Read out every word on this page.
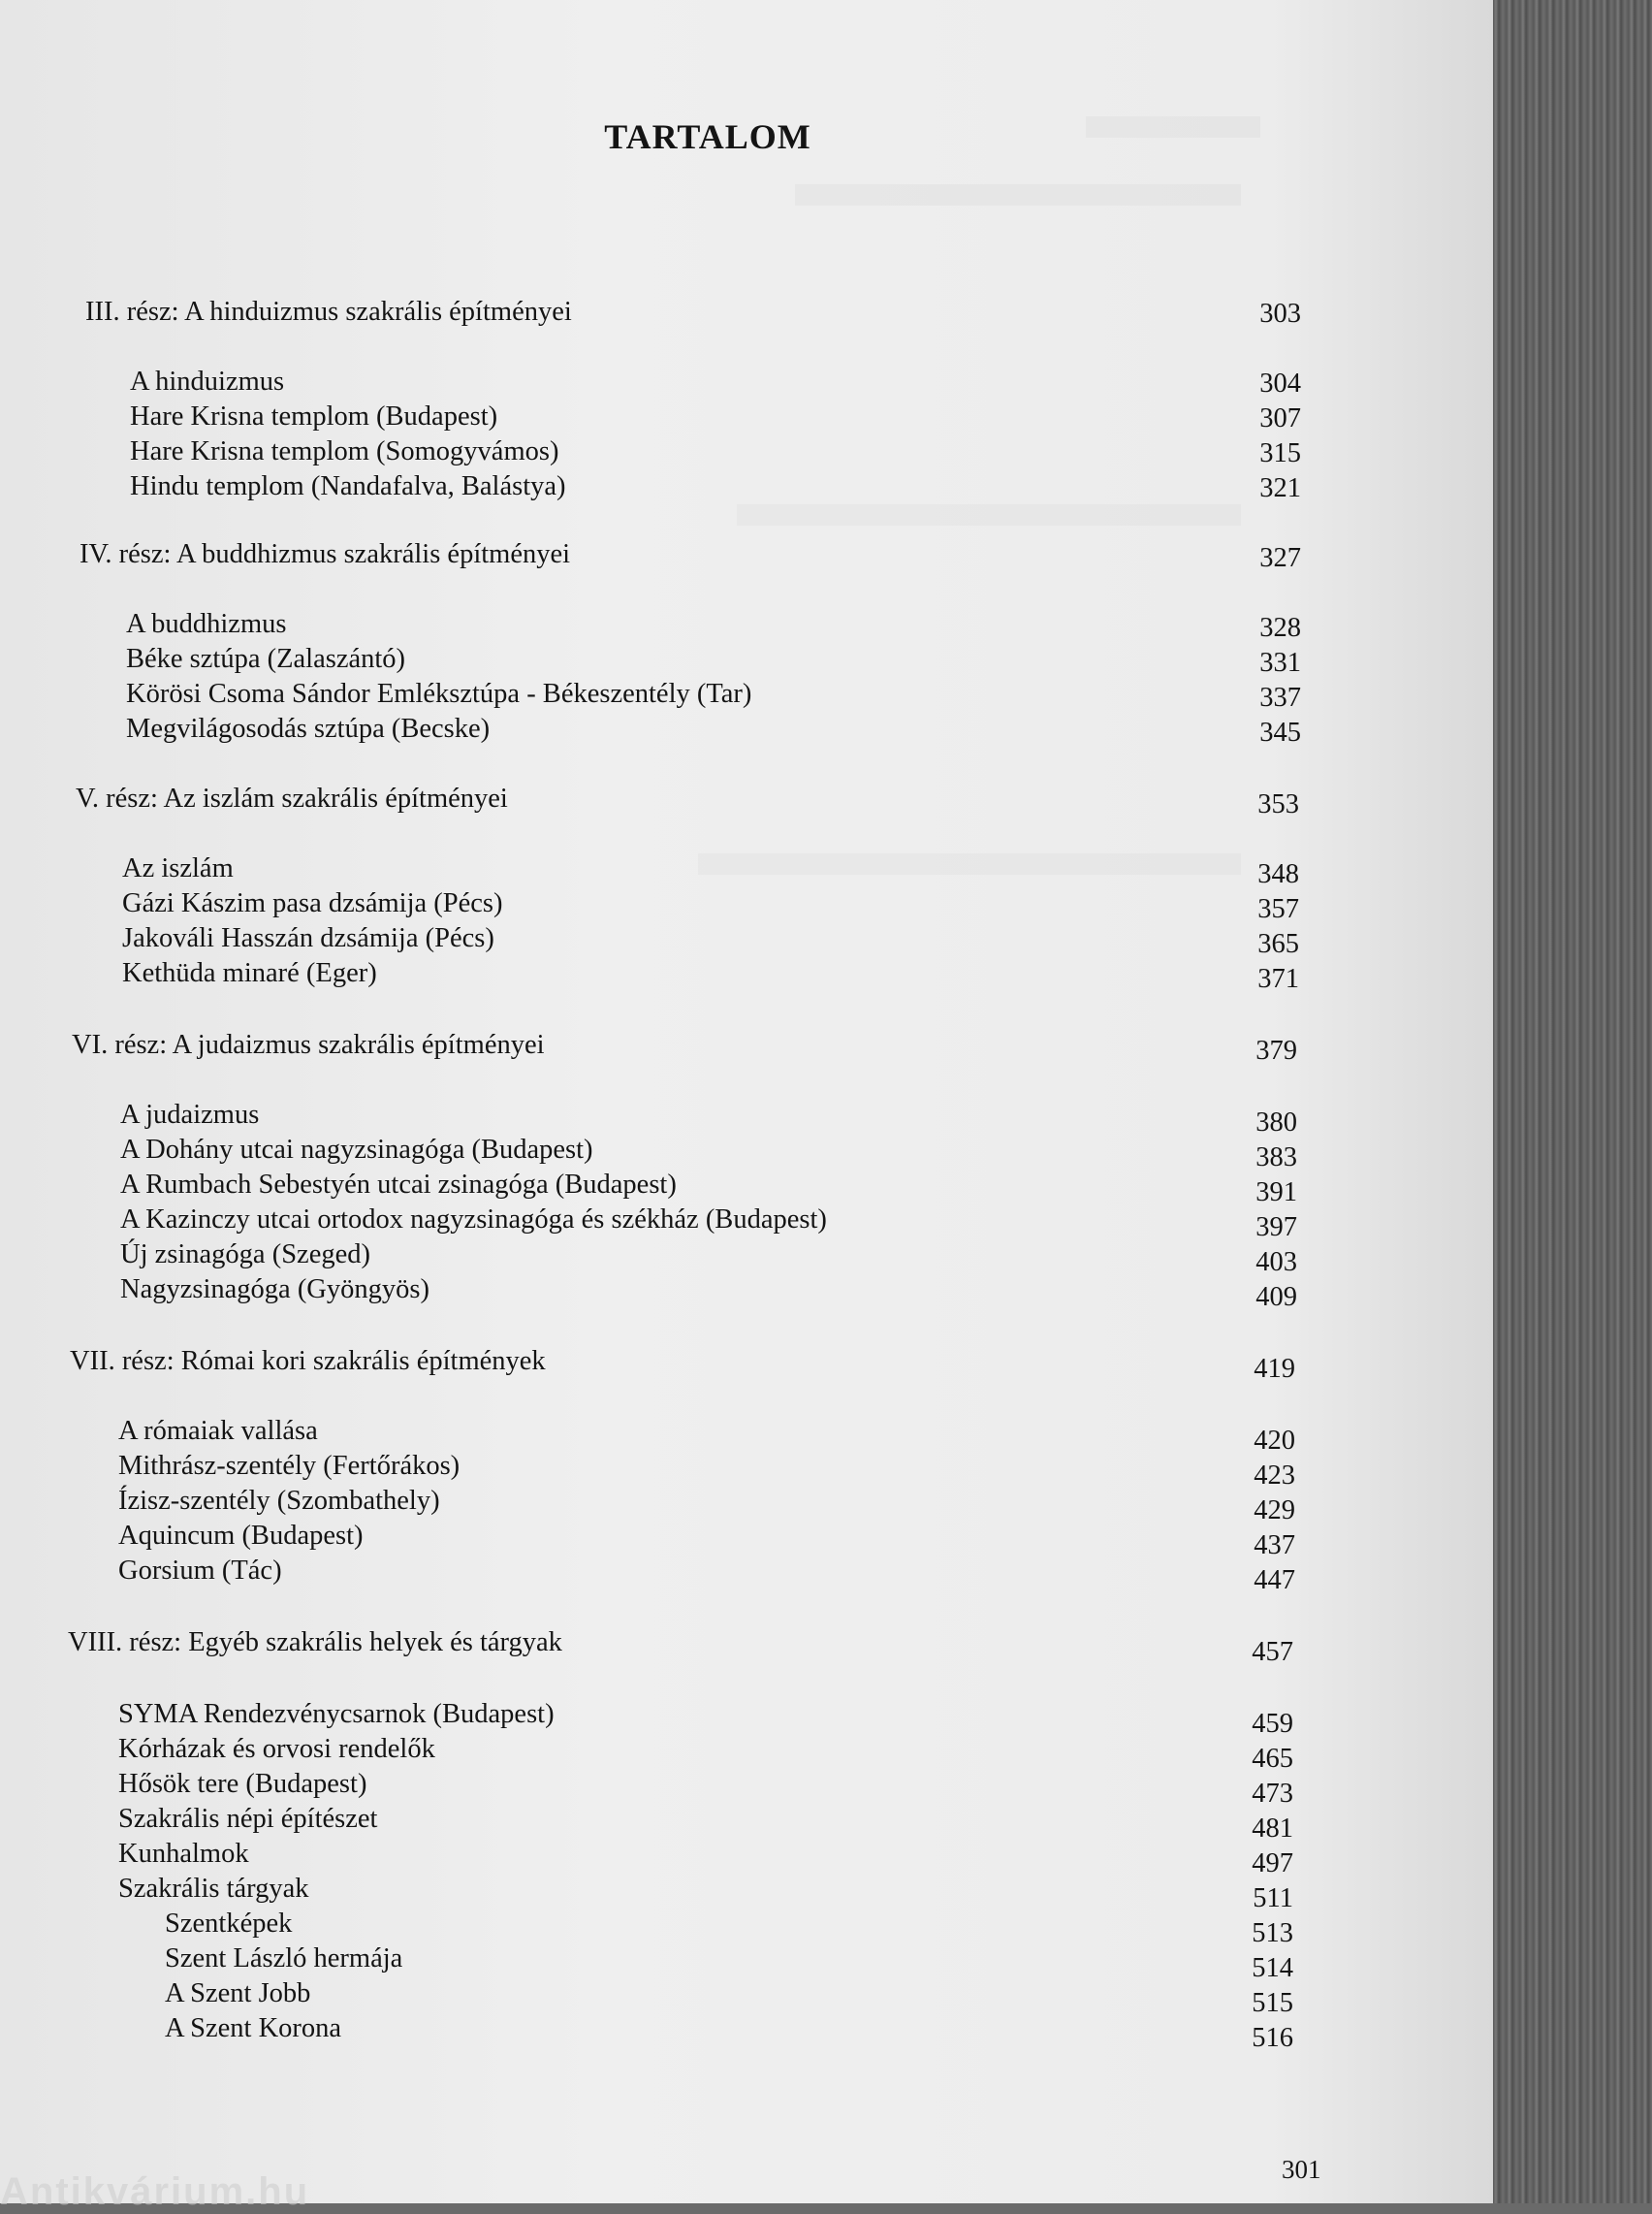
TARTALOM
III. rész: A hinduizmus szakrális építményei	303
A hinduizmus	304
Hare Krisna templom (Budapest)	307
Hare Krisna templom (Somogyvámos)	315
Hindu templom (Nandafalva, Balástya)	321
IV. rész: A buddhizmus szakrális építményei	327
A buddhizmus	328
Béke sztúpa (Zalaszántó)	331
Körösi Csoma Sándor Emléksztúpa - Békeszentély (Tar)	337
Megvilágosodás sztúpa (Becske)	345
V. rész: Az iszlám szakrális építményei	353
Az iszlám	348
Gázi Kászim pasa dzsámija (Pécs)	357
Jakováli Hasszán dzsámija (Pécs)	365
Kethüda minaré (Eger)	371
VI. rész: A judaizmus szakrális építményei	379
A judaizmus	380
A Dohány utcai nagyzsinagóga (Budapest)	383
A Rumbach Sebestyén utcai zsinagóga (Budapest)	391
A Kazinczy utcai ortodox nagyzsinagóga és székház (Budapest)	397
Új zsinagóga (Szeged)	403
Nagyzsinagóga (Gyöngyös)	409
VII. rész: Római kori szakrális építmények	419
A rómaiak vallása	420
Mithrász-szentély (Fertőrákos)	423
Ízisz-szentély (Szombathely)	429
Aquincum (Budapest)	437
Gorsium (Tác)	447
VIII. rész: Egyéb szakrális helyek és tárgyak	457
SYMA Rendezvénycsarnok (Budapest)	459
Kórházak és orvosi rendelők	465
Hősök tere (Budapest)	473
Szakrális népi építészet	481
Kunhalmok	497
Szakrális tárgyak	511
Szentképek	513
Szent László hermája	514
A Szent Jobb	515
A Szent Korona	516
301
Antikvárium.hu
